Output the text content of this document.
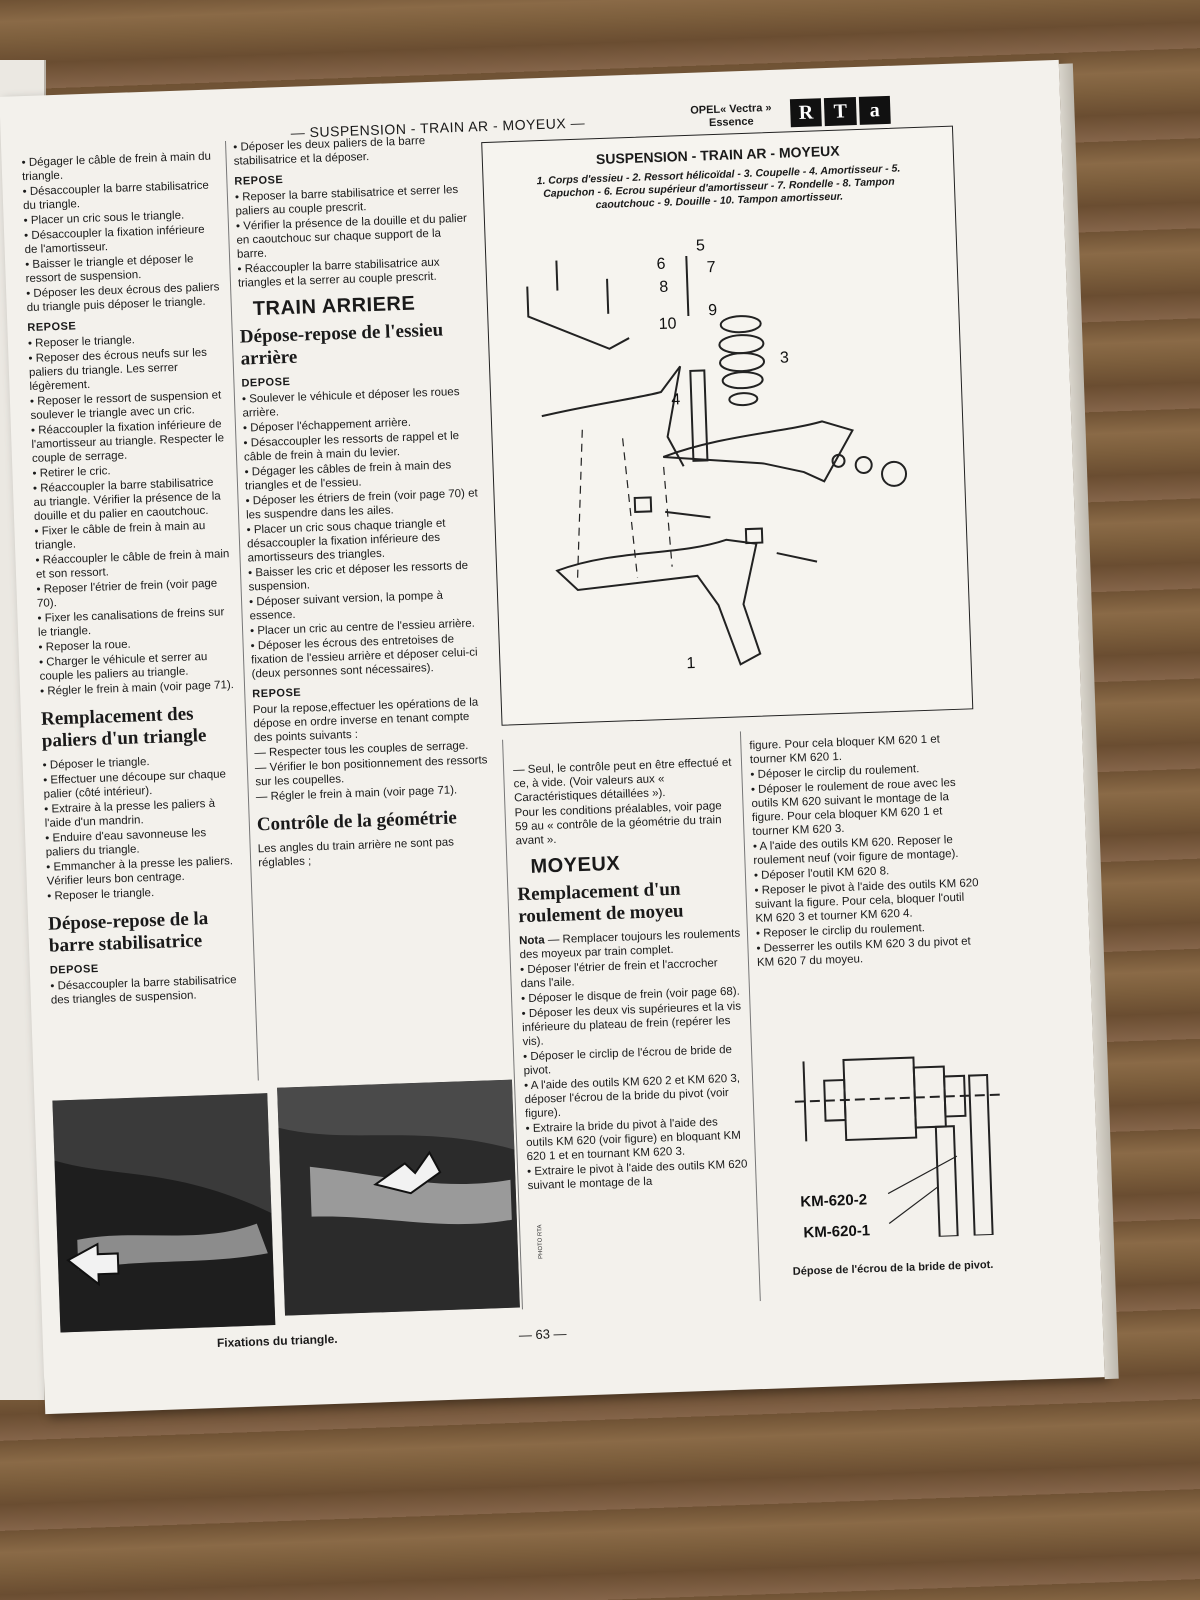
— SUSPENSION - TRAIN AR - MOYEUX —
OPEL« Vectra »
Essence	R T	a

• Dégager le câble de frein à main du triangle.

• Désaccoupler la barre stabilisatrice du triangle.

• Placer un cric sous le triangle.

• Désaccoupler la fixation inférieure de l'amortisseur.

• Baisser le triangle et déposer le ressort de suspension.

• Déposer les deux écrous des paliers du triangle puis déposer le triangle.

REPOSE

• Reposer le triangle.

• Reposer des écrous neufs sur les paliers du triangle. Les serrer légèrement.

• Reposer le ressort de suspension et soulever le triangle avec un cric.

• Réaccoupler la fixation inférieure de l'amortisseur au triangle. Respecter le couple de serrage.

• Retirer le cric.

• Réaccoupler la barre stabilisatrice au triangle. Vérifier la présence de la douille et du palier en caoutchouc.

• Fixer le câble de frein à main au triangle.

• Réaccoupler le câble de frein à main et son ressort.

• Reposer l'étrier de frein (voir page 70).

• Fixer les canalisations de freins sur le triangle.

• Reposer la roue.

• Charger le véhicule et serrer au couple les paliers au triangle.

• Régler le frein à main (voir page 71).

Remplacement des paliers d'un triangle

• Déposer le triangle.

• Effectuer une découpe sur chaque palier (côté intérieur).

• Extraire à la presse les paliers à l'aide d'un mandrin.

• Enduire d'eau savonneuse les paliers du triangle.

• Emmancher à la presse les paliers. Vérifier leurs bon centrage.

• Reposer le triangle.

Dépose-repose de la barre stabilisatrice

DEPOSE

• Désaccoupler la barre stabilisatrice des triangles de suspension.

• Déposer les deux paliers de la barre stabilisatrice et la déposer.

REPOSE

• Reposer la barre stabilisatrice et serrer les paliers au couple prescrit.

• Vérifier la présence de la douille et du palier en caoutchouc sur chaque support de la barre.

• Réaccoupler la barre stabilisatrice aux triangles et la serrer au couple prescrit.

TRAIN ARRIERE

Dépose-repose de l'essieu arrière

DEPOSE

• Soulever le véhicule et déposer les roues arrière.

• Déposer l'échappement arrière.

• Désaccoupler les ressorts de rappel et le câble de frein à main du levier.

• Dégager les câbles de frein à main des triangles et de l'essieu.

• Déposer les étriers de frein (voir page 70) et les suspendre dans les ailes.

• Placer un cric sous chaque triangle et désaccoupler la fixation inférieure des amortisseurs des triangles.

• Baisser les cric et déposer les ressorts de suspension.

• Déposer suivant version, la pompe à essence.

• Placer un cric au centre de l'essieu arrière.

• Déposer les écrous des entretoises de fixation de l'essieu arrière et déposer celui-ci (deux personnes sont nécessaires).

REPOSE

Pour la repose,effectuer les opérations de la dépose en ordre inverse en tenant compte des points suivants :

— Respecter tous les couples de serrage.

— Vérifier le bon positionnement des ressorts sur les coupelles.

— Régler le frein à main (voir page 71).

Contrôle de la géométrie

Les angles du train arrière ne sont pas réglables ;

SUSPENSION - TRAIN AR - MOYEUX
1. Corps d'essieu - 2. Ressort hélicoïdal - 3. Coupelle - 4. Amortisseur - 5. Capuchon - 6. Ecrou supérieur d'amortisseur - 7. Rondelle - 8. Tampon caoutchouc - 9. Douille - 10. Tampon amortisseur.
1
3
4
5
6	7
8
9
10

— Seul, le contrôle peut en être effectué et ce, à vide. (Voir valeurs aux « Caractéristiques détaillées »).

Pour les conditions préalables, voir page 59 au « contrôle de la géométrie du train avant ».

MOYEUX

Remplacement d'un roulement de moyeu

Nota — Remplacer toujours les roulements des moyeux par train complet.

• Déposer l'étrier de frein et l'accrocher dans l'aile.

• Déposer le disque de frein (voir page 68).

• Déposer les deux vis supérieures et la vis inférieure du plateau de frein (repérer les vis).

• Déposer le circlip de l'écrou de bride de pivot.

• A l'aide des outils KM 620 2 et KM 620 3, déposer l'écrou de la bride du pivot (voir figure).

• Extraire la bride du pivot à l'aide des outils KM 620 (voir figure) en bloquant KM 620 1 et en tournant KM 620 3.

• Extraire le pivot à l'aide des outils KM 620 suivant le montage de la

figure. Pour cela bloquer KM 620 1 et tourner KM 620 1.

• Déposer le circlip du roulement.

• Déposer le roulement de roue avec les outils KM 620 suivant le montage de la figure. Pour cela bloquer KM 620 1 et tourner KM 620 3.

• A l'aide des outils KM 620. Reposer le roulement neuf (voir figure de montage).

• Déposer l'outil KM 620 8.

• Reposer le pivot à l'aide des outils KM 620 suivant la figure. Pour cela, bloquer l'outil KM 620 3 et tourner KM 620 4.

• Reposer le circlip du roulement.

• Desserrer les outils KM 620 3 du pivot et KM 620 7 du moyeu.

KM-620-2
KM-620-1
Dépose de l'écrou de la bride de pivot.
PHOTO RTA
Fixations du triangle.	— 63 —
